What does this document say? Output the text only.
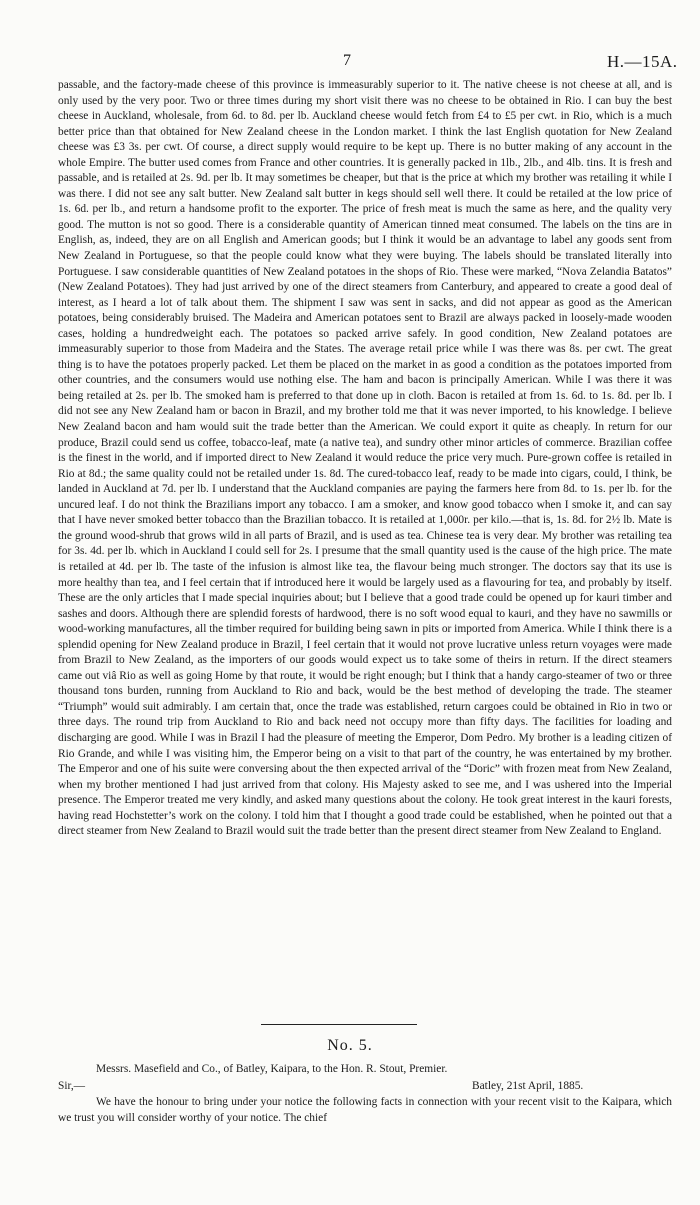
7	H.—15A.

passable, and the factory-made cheese of this province is immeasurably superior to it. The native cheese is not cheese at all, and is only used by the very poor. Two or three times during my short visit there was no cheese to be obtained in Rio. I can buy the best cheese in Auckland, wholesale, from 6d. to 8d. per lb. Auckland cheese would fetch from £4 to £5 per cwt. in Rio, which is a much better price than that obtained for New Zealand cheese in the London market. I think the last English quotation for New Zealand cheese was £3 3s. per cwt. Of course, a direct supply would require to be kept up. There is no butter making of any account in the whole Empire. The butter used comes from France and other countries. It is generally packed in 1lb., 2lb., and 4lb. tins. It is fresh and passable, and is retailed at 2s. 9d. per lb. It may sometimes be cheaper, but that is the price at which my brother was retailing it while I was there. I did not see any salt butter. New Zealand salt butter in kegs should sell well there. It could be retailed at the low price of 1s. 6d. per lb., and return a handsome profit to the exporter. The price of fresh meat is much the same as here, and the quality very good. The mutton is not so good. There is a considerable quantity of American tinned meat consumed. The labels on the tins are in English, as, indeed, they are on all English and American goods; but I think it would be an advantage to label any goods sent from New Zealand in Portuguese, so that the people could know what they were buying. The labels should be translated literally into Portuguese. I saw considerable quantities of New Zealand potatoes in the shops of Rio. These were marked, “Nova Zelandia Batatos” (New Zealand Potatoes). They had just arrived by one of the direct steamers from Canterbury, and appeared to create a good deal of interest, as I heard a lot of talk about them. The shipment I saw was sent in sacks, and did not appear as good as the American potatoes, being considerably bruised. The Madeira and American potatoes sent to Brazil are always packed in loosely-made wooden cases, holding a hundredweight each. The potatoes so packed arrive safely. In good condition, New Zealand potatoes are immeasurably superior to those from Madeira and the States. The average retail price while I was there was 8s. per cwt. The great thing is to have the potatoes properly packed. Let them be placed on the market in as good a condition as the potatoes imported from other countries, and the consumers would use nothing else. The ham and bacon is principally American. While I was there it was being retailed at 2s. per lb. The smoked ham is preferred to that done up in cloth. Bacon is retailed at from 1s. 6d. to 1s. 8d. per lb. I did not see any New Zealand ham or bacon in Brazil, and my brother told me that it was never imported, to his knowledge. I believe New Zealand bacon and ham would suit the trade better than the American. We could export it quite as cheaply. In return for our produce, Brazil could send us coffee, tobacco-leaf, mate (a native tea), and sundry other minor articles of commerce. Brazilian coffee is the finest in the world, and if imported direct to New Zealand it would reduce the price very much. Pure-grown coffee is retailed in Rio at 8d.; the same quality could not be retailed under 1s. 8d. The cured-tobacco leaf, ready to be made into cigars, could, I think, be landed in Auckland at 7d. per lb. I understand that the Auckland companies are paying the farmers here from 8d. to 1s. per lb. for the uncured leaf. I do not think the Brazilians import any tobacco. I am a smoker, and know good tobacco when I smoke it, and can say that I have never smoked better tobacco than the Brazilian tobacco. It is retailed at 1,000r. per kilo.—that is, 1s. 8d. for 2½ lb. Mate is the ground wood-shrub that grows wild in all parts of Brazil, and is used as tea. Chinese tea is very dear. My brother was retailing tea for 3s. 4d. per lb. which in Auckland I could sell for 2s. I presume that the small quantity used is the cause of the high price. The mate is retailed at 4d. per lb. The taste of the infusion is almost like tea, the flavour being much stronger. The doctors say that its use is more healthy than tea, and I feel certain that if introduced here it would be largely used as a flavouring for tea, and probably by itself. These are the only articles that I made special inquiries about; but I believe that a good trade could be opened up for kauri timber and sashes and doors. Although there are splendid forests of hardwood, there is no soft wood equal to kauri, and they have no sawmills or wood-working manufactures, all the timber required for building being sawn in pits or imported from America. While I think there is a splendid opening for New Zealand produce in Brazil, I feel certain that it would not prove lucrative unless return voyages were made from Brazil to New Zealand, as the importers of our goods would expect us to take some of theirs in return. If the direct steamers came out viâ Rio as well as going Home by that route, it would be right enough; but I think that a handy cargo-steamer of two or three thousand tons burden, running from Auckland to Rio and back, would be the best method of developing the trade. The steamer “Triumph” would suit admirably. I am certain that, once the trade was established, return cargoes could be obtained in Rio in two or three days. The round trip from Auckland to Rio and back need not occupy more than fifty days. The facilities for loading and discharging are good. While I was in Brazil I had the pleasure of meeting the Emperor, Dom Pedro. My brother is a leading citizen of Rio Grande, and while I was visiting him, the Emperor being on a visit to that part of the country, he was entertained by my brother. The Emperor and one of his suite were conversing about the then expected arrival of the “Doric” with frozen meat from New Zealand, when my brother mentioned I had just arrived from that colony. His Majesty asked to see me, and I was ushered into the Imperial presence. The Emperor treated me very kindly, and asked many questions about the colony. He took great interest in the kauri forests, having read Hochstetter’s work on the colony. I told him that I thought a good trade could be established, when he pointed out that a direct steamer from New Zealand to Brazil would suit the trade better than the present direct steamer from New Zealand to England.

No. 5.
Messrs. Masefield and Co., of Batley, Kaipara, to the Hon. R. Stout, Premier.
Sir,—	Batley, 21st April, 1885.

We have the honour to bring under your notice the following facts in connection with your recent visit to the Kaipara, which we trust you will consider worthy of your notice. The chief
